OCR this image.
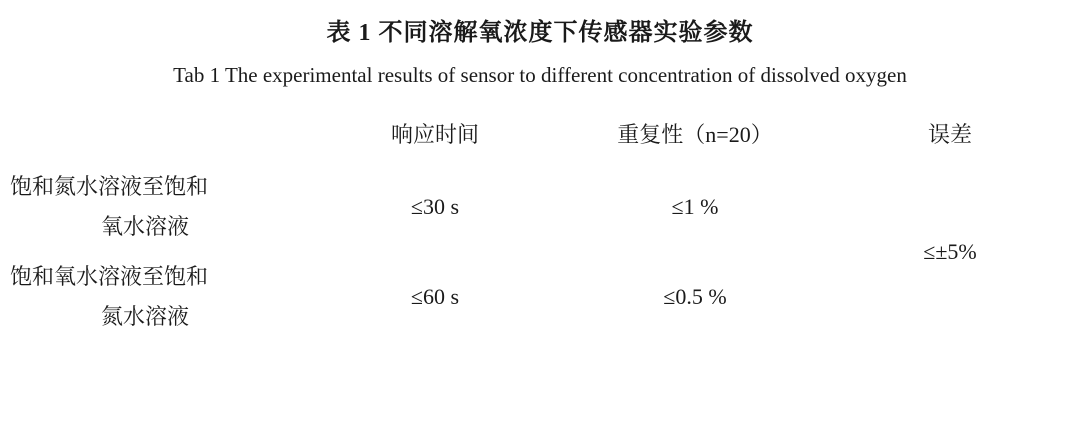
表 1 不同溶解氧浓度下传感器实验参数
Tab 1 The experimental results of sensor to different concentration of dissolved oxygen
	响应时间	重复性（n=20）	误差

饱和氮水溶液至饱和
氧水溶液	≤30 s	≤1 %	≤±5%

饱和氧水溶液至饱和
氮水溶液	≤60 s	≤0.5 %	
